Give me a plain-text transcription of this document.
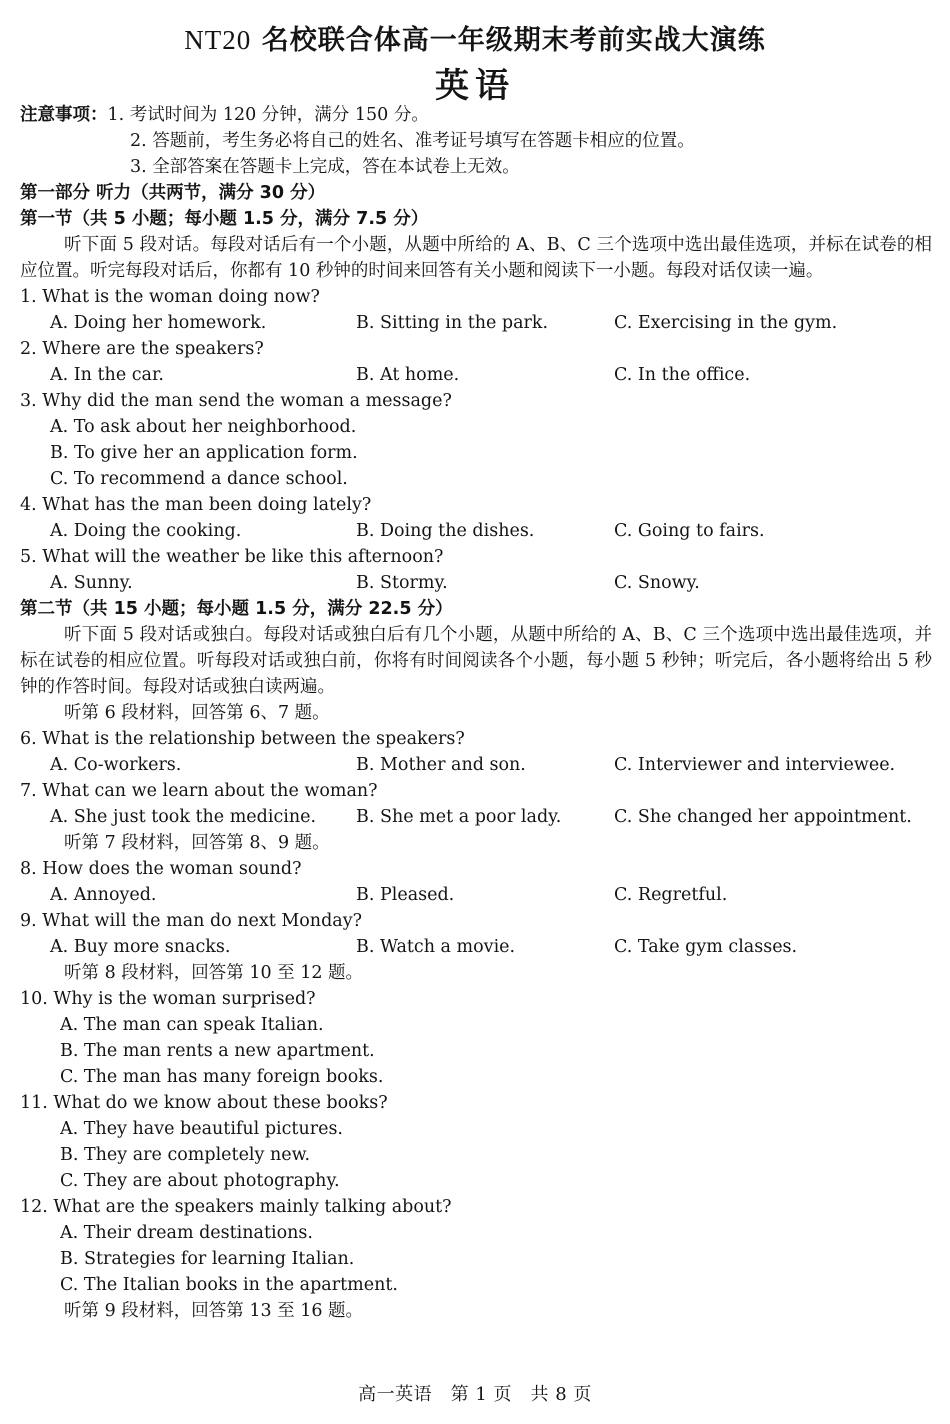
NT20 名校联合体高一年级期末考前实战大演练
英语
注意事项：1. 考试时间为 120 分钟，满分 150 分。
2. 答题前，考生务必将自己的姓名、准考证号填写在答题卡相应的位置。
3. 全部答案在答题卡上完成，答在本试卷上无效。
第一部分 听力（共两节，满分 30 分）
第一节（共 5 小题；每小题 1.5 分，满分 7.5 分）
听下面 5 段对话。每段对话后有一个小题，从题中所给的 A、B、C 三个选项中选出最佳选项，并标在试卷的相应位置。听完每段对话后，你都有 10 秒钟的时间来回答有关小题和阅读下一小题。每段对话仅读一遍。
1. What is the woman doing now?
A. Doing her homework.	B. Sitting in the park.	C. Exercising in the gym.
2. Where are the speakers?
A. In the car.	B. At home.	C. In the office.
3. Why did the man send the woman a message?
A. To ask about her neighborhood.
B. To give her an application form.
C. To recommend a dance school.
4. What has the man been doing lately?
A. Doing the cooking.	B. Doing the dishes.	C. Going to fairs.
5. What will the weather be like this afternoon?
A. Sunny.	B. Stormy.	C. Snowy.
第二节（共 15 小题；每小题 1.5 分，满分 22.5 分）
听下面 5 段对话或独白。每段对话或独白后有几个小题，从题中所给的 A、B、C 三个选项中选出最佳选项，并标在试卷的相应位置。听每段对话或独白前，你将有时间阅读各个小题，每小题 5 秒钟；听完后，各小题将给出 5 秒钟的作答时间。每段对话或独白读两遍。
听第 6 段材料，回答第 6、7 题。
6. What is the relationship between the speakers?
A. Co-workers.	B. Mother and son.	C. Interviewer and interviewee.
7. What can we learn about the woman?
A. She just took the medicine. B. She met a poor lady.	C. She changed her appointment.
听第 7 段材料，回答第 8、9 题。
8. How does the woman sound?
A. Annoyed.	B. Pleased.	C. Regretful.
9. What will the man do next Monday?
A. Buy more snacks.	B. Watch a movie.	C. Take gym classes.
听第 8 段材料，回答第 10 至 12 题。
10. Why is the woman surprised?
A. The man can speak Italian.
B. The man rents a new apartment.
C. The man has many foreign books.
11. What do we know about these books?
A. They have beautiful pictures.
B. They are completely new.
C. They are about photography.
12. What are the speakers mainly talking about?
A. Their dream destinations.
B. Strategies for learning Italian.
C. The Italian books in the apartment.
听第 9 段材料，回答第 13 至 16 题。
高一英语　第 1 页　共 8 页
